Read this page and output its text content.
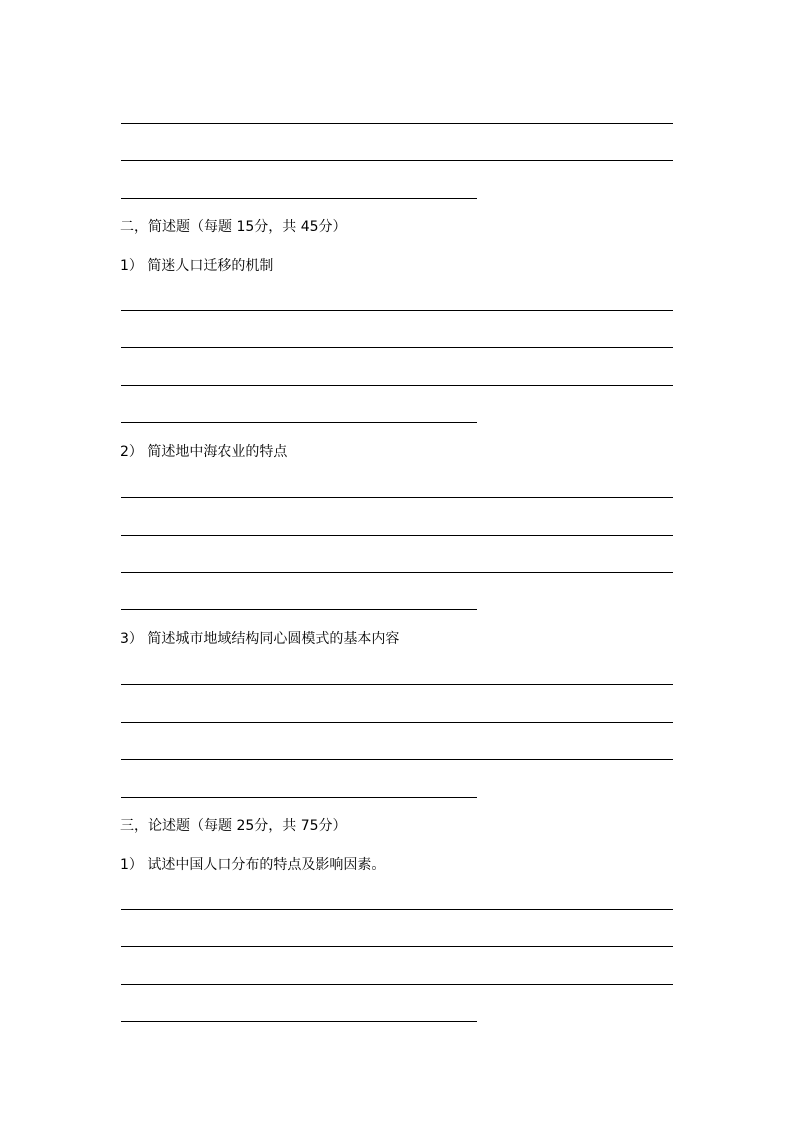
二，简述题（每题 15分，共 45分）
1） 简迷人口迁移的机制
2） 简述地中海农业的特点
3） 简述城市地域结构同心圆模式的基本内容
三，论述题（每题 25分，共 75分）
1） 试述中国人口分布的特点及影响因素。
